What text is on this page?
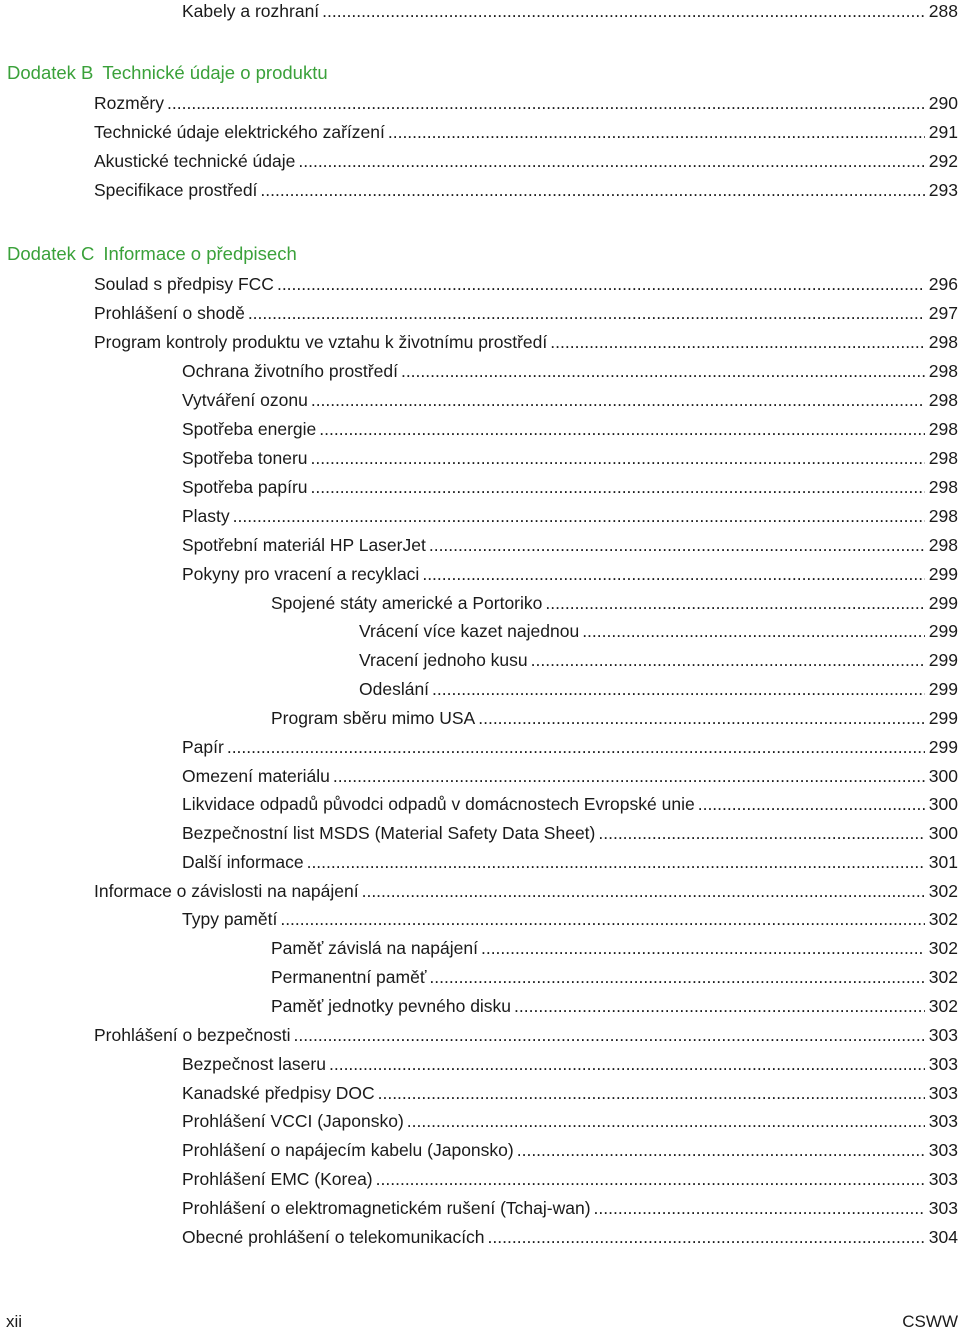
Kabely a rozhraní .....	288
Dodatek B Technické údaje o produktu
Rozměry .....	290
Technické údaje elektrického zařízení .....	291
Akustické technické údaje .....	292
Specifikace prostředí .....	293
Dodatek C Informace o předpisech
Soulad s předpisy FCC .....	296
Prohlášení o shodě .....	297
Program kontroly produktu ve vztahu k životnímu prostředí .....	298
Ochrana životního prostředí .....	298
Vytváření ozonu .....	298
Spotřeba energie .....	298
Spotřeba toneru .....	298
Spotřeba papíru .....	298
Plasty .....	298
Spotřební materiál HP LaserJet .....	298
Pokyny pro vracení a recyklaci .....	299
Spojené státy americké a Portoriko .....	299
Vrácení více kazet najednou .....	299
Vracení jednoho kusu .....	299
Odeslání .....	299
Program sběru mimo USA .....	299
Papír .....	299
Omezení materiálu .....	300
Likvidace odpadů původci odpadů v domácnostech Evropské unie .....	300
Bezpečnostní list MSDS (Material Safety Data Sheet) .....	300
Další informace .....	301
Informace o závislosti na napájení .....	302
Typy pamětí .....	302
Paměť závislá na napájení .....	302
Permanentní paměť .....	302
Paměť jednotky pevného disku .....	302
Prohlášení o bezpečnosti .....	303
Bezpečnost laseru .....	303
Kanadské předpisy DOC .....	303
Prohlášení VCCI (Japonsko) .....	303
Prohlášení o napájecím kabelu (Japonsko) .....	303
Prohlášení EMC (Korea) .....	303
Prohlášení o elektromagnetickém rušení (Tchaj-wan) .....	303
Obecné prohlášení o telekomunikacích .....	304
xii	CSWW
